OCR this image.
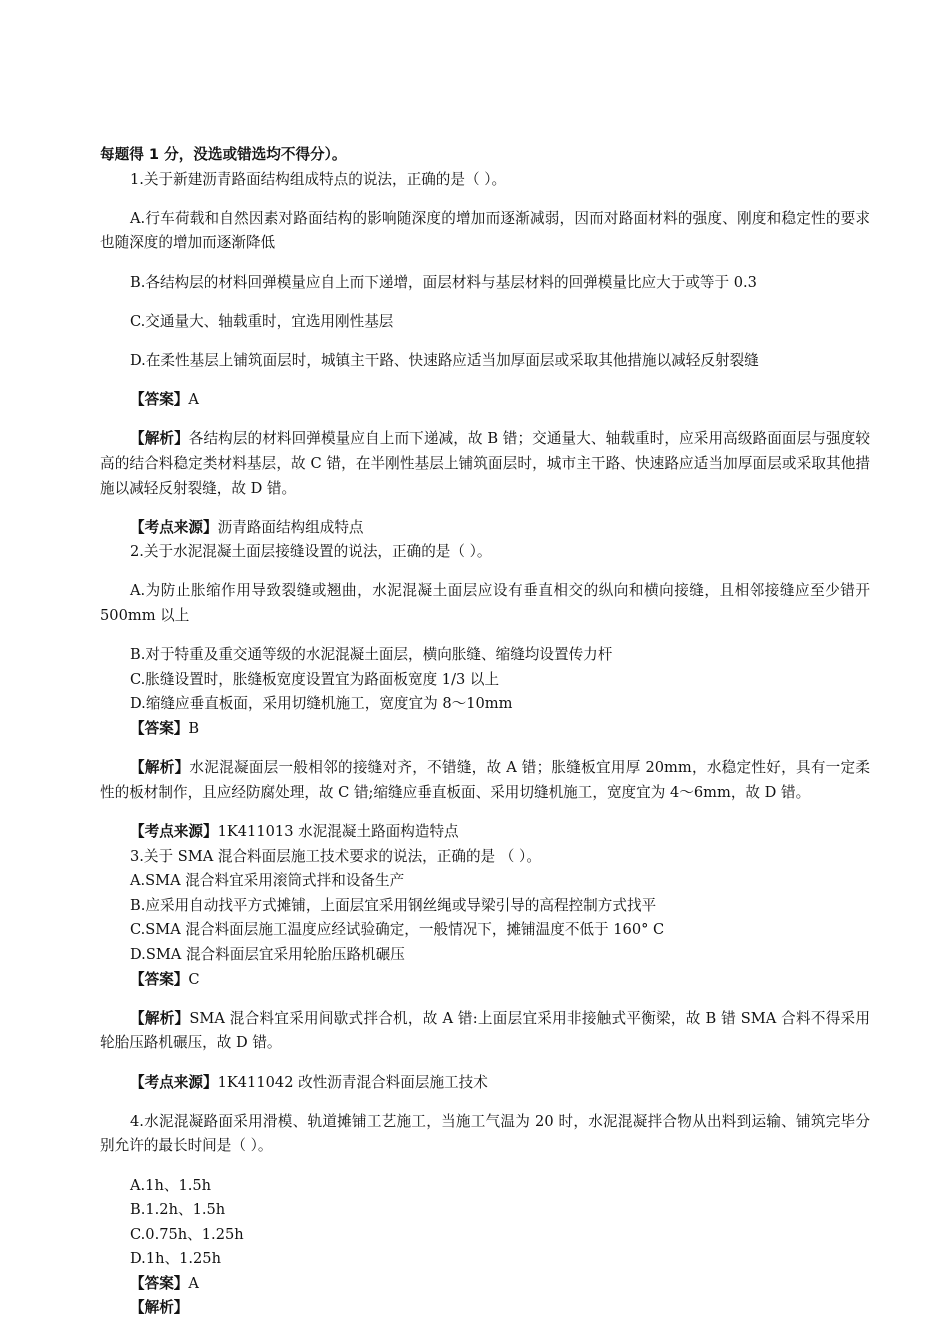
每题得 1 分，没选或错选均不得分）。

1.关于新建沥青路面结构组成特点的说法，正确的是（ ）。

A.行车荷载和自然因素对路面结构的影响随深度的增加而逐渐减弱，因而对路面材料的强度、刚度和稳定性的要求也随深度的增加而逐渐降低

B.各结构层的材料回弹模量应自上而下递增，面层材料与基层材料的回弹模量比应大于或等于 0.3

C.交通量大、轴载重时，宜选用刚性基层

D.在柔性基层上铺筑面层时，城镇主干路、快速路应适当加厚面层或采取其他措施以减轻反射裂缝

【答案】A

【解析】各结构层的材料回弹模量应自上而下递减，故 B 错；交通量大、轴载重时，应采用高级路面面层与强度较高的结合料稳定类材料基层，故 C 错，在半刚性基层上铺筑面层时，城市主干路、快速路应适当加厚面层或采取其他措施以减轻反射裂缝，故 D 错。

【考点来源】沥青路面结构组成特点

2.关于水泥混凝土面层接缝设置的说法，正确的是（ ）。

A.为防止胀缩作用导致裂缝或翘曲，水泥混凝土面层应设有垂直相交的纵向和横向接缝，且相邻接缝应至少错开 500mm 以上

B.对于特重及重交通等级的水泥混凝土面层，横向胀缝、缩缝均设置传力杆

C.胀缝设置时，胀缝板宽度设置宜为路面板宽度 1/3 以上

D.缩缝应垂直板面，采用切缝机施工，宽度宜为 8～10mm

【答案】B

【解析】水泥混凝面层一般相邻的接缝对齐，不错缝，故 A 错；胀缝板宜用厚 20mm，水稳定性好，具有一定柔性的板材制作，且应经防腐处理，故 C 错;缩缝应垂直板面、采用切缝机施工，宽度宜为 4～6mm，故 D 错。

【考点来源】1K411013 水泥混凝土路面构造特点

3.关于 SMA 混合料面层施工技术要求的说法，正确的是 （ ）。

A.SMA 混合料宜采用滚筒式拌和设备生产

B.应采用自动找平方式摊铺，上面层宜采用钢丝绳或导梁引导的高程控制方式找平

C.SMA 混合料面层施工温度应经试验确定，一般情况下，摊铺温度不低于 160° C

D.SMA 混合料面层宜采用轮胎压路机碾压

【答案】C

【解析】SMA 混合料宜采用间歇式拌合机，故 A 错:上面层宜采用非接触式平衡梁，故 B 错 SMA 合料不得采用轮胎压路机碾压，故 D 错。

【考点来源】1K411042 改性沥青混合料面层施工技术

4.水泥混凝路面采用滑模、轨道摊铺工艺施工，当施工气温为 20 时，水泥混凝拌合物从出料到运输、铺筑完毕分别允许的最长时间是（ ）。

A.1h、1.5h

B.1.2h、1.5h

C.0.75h、1.25h

D.1h、1.25h

【答案】A

【解析】
